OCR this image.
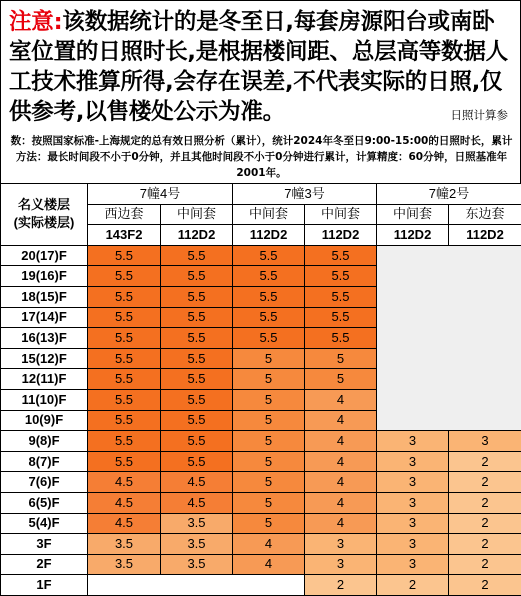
注意:该数据统计的是冬至日,每套房源阳台或南卧室位置的日照时长,是根据楼间距、总层高等数据人工技术推算所得,会存在误差,不代表实际的日照,仅供参考,以售楼处公示为准。	日照计算参
数：按照国家标准-上海规定的总有效日照分析（累计），统计2024年冬至日9:00-15:00的日照时长，累计方法：最长时间段不小于0分钟，并且其他时间段不小于0分钟进行累计，计算精度：60分钟，日照基准年2001年。
名义楼层
(实际楼层)	7幢4号		7幢3号		7幢2号	
	西边套	中间套	中间套	中间套	中间套	东边套
	143F2	112D2	112D2	112D2	112D2	112D2
20(17)F	5.5	5.5	5.5	5.5		
19(16)F	5.5	5.5	5.5	5.5		
18(15)F	5.5	5.5	5.5	5.5		
17(14)F	5.5	5.5	5.5	5.5		
16(13)F	5.5	5.5	5.5	5.5		
15(12)F	5.5	5.5	5	5		
12(11)F	5.5	5.5	5	5		
11(10)F	5.5	5.5	5	4		
10(9)F	5.5	5.5	5	4		
9(8)F	5.5	5.5	5	4	3	3
8(7)F	5.5	5.5	5	4	3	2
7(6)F	4.5	4.5	5	4	3	2
6(5)F	4.5	4.5	5	4	3	2
5(4)F	4.5	3.5	5	4	3	2
3F	3.5	3.5	4	3	3	2
2F	3.5	3.5	4	3	3	2
1F				2	2	2
